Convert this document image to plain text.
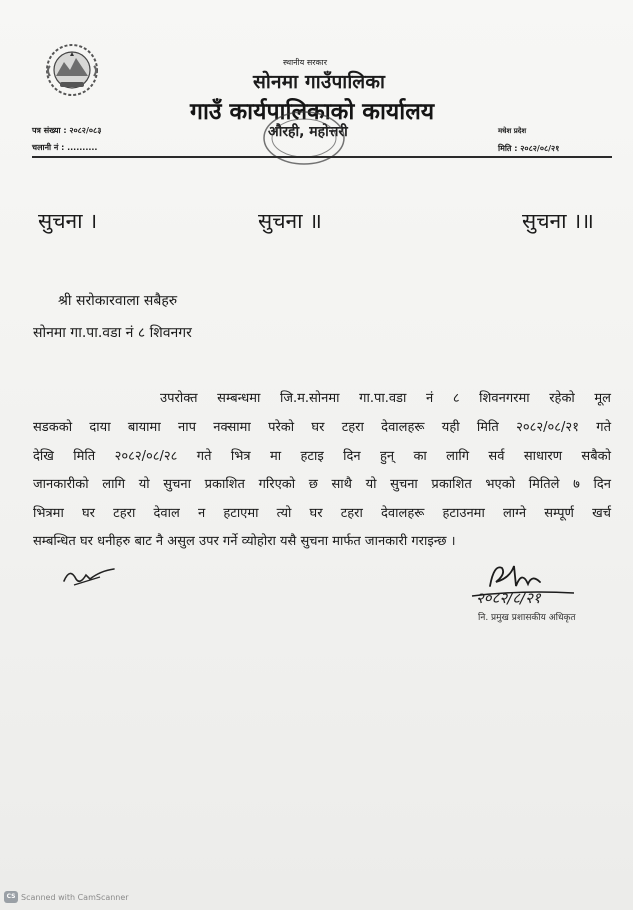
स्थानीय सरकार
सोनमा गाउँपालिका
गाउँ कार्यपालिकाको कार्यालय
औरही, महोत्तरी
पत्र संख्या : २०८२/०८३
चलानी नं : ..........
मधेश प्रदेश
मिति : २०८२/०८/२१
सुचना ।	सुचना ॥	सुचना ।॥
श्री सरोकारवाला सबैहरु
सोनमा गा.पा.वडा नं ८ शिवनगर
उपरोक्त सम्बन्धमा जि.म.सोनमा गा.पा.वडा नं ८ शिवनगरमा रहेको मूल
सडकको दाया बायामा नाप नक्सामा परेको घर टहरा देवालहरू यही मिति २०८२/०८/२१ गते
देखि मिति २०८२/०८/२८ गते भित्र मा हटाइ दिन हुन् का लागि सर्व साधारण सबैको
जानकारीको लागि यो सुचना प्रकाशित गरिएको छ साथै यो सुचना प्रकाशित भएको मितिले ७ दिन
भित्रमा घर टहरा देवाल न हटाएमा त्यो घर टहरा देवालहरू हटाउनमा लाग्ने सम्पूर्ण खर्च
सम्बन्धित घर धनीहरु बाट नै असुल उपर गर्ने व्योहोरा यसै सुचना मार्फत जानकारी गराइन्छ ।
२०८२/८/२१
नि. प्रमुख प्रशासकीय अधिकृत
CS Scanned with CamScanner
